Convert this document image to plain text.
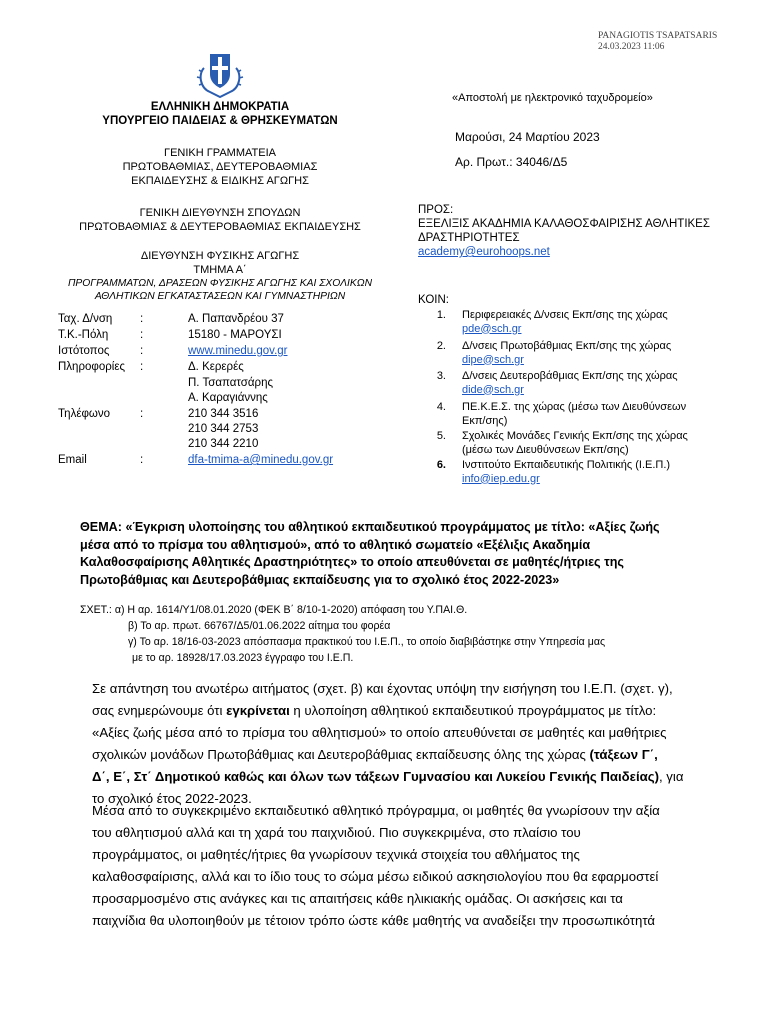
PANAGIOTIS TSAPATSARIS
24.03.2023 11:06
ΕΛΛΗΝΙΚΗ ΔΗΜΟΚΡΑΤΙΑ
ΥΠΟΥΡΓΕΙΟ ΠΑΙΔΕΙΑΣ & ΘΡΗΣΚΕΥΜΑΤΩΝ
ΓΕΝΙΚΗ ΓΡΑΜΜΑΤΕΙΑ
ΠΡΩΤΟΒΑΘΜΙΑΣ, ΔΕΥΤΕΡΟΒΑΘΜΙΑΣ
ΕΚΠΑΙΔΕΥΣΗΣ & ΕΙΔΙΚΗΣ ΑΓΩΓΗΣ
ΓΕΝΙΚΗ ΔΙΕΥΘΥΝΣΗ ΣΠΟΥΔΩΝ
ΠΡΩΤΟΒΑΘΜΙΑΣ & ΔΕΥΤΕΡΟΒΑΘΜΙΑΣ ΕΚΠΑΙΔΕΥΣΗΣ
ΔΙΕΥΘΥΝΣΗ ΦΥΣΙΚΗΣ ΑΓΩΓΗΣ
ΤΜΗΜΑ Α΄
ΠΡΟΓΡΑΜΜΑΤΩΝ, ΔΡΑΣΕΩΝ ΦΥΣΙΚΗΣ ΑΓΩΓΗΣ ΚΑΙ ΣΧΟΛΙΚΩΝ
ΑΘΛΗΤΙΚΩΝ ΕΓΚΑΤΑΣΤΑΣΕΩΝ ΚΑΙ ΓΥΜΝΑΣΤΗΡΙΩΝ
Ταχ. Δ/νση	:	Α. Παπανδρέου 37
Τ.Κ.-Πόλη	:	15180 - ΜΑΡΟΥΣΙ
Ιστότοπος	:	www.minedu.gov.gr
Πληροφορίες	:	Δ. Κερερές
Π. Τσαπατσάρης
Α. Καραγιάννης
Τηλέφωνο	:	210 344 3516
210 344 2753
210 344 2210
Email	:	dfa-tmima-a@minedu.gov.gr
«Αποστολή με ηλεκτρονικό ταχυδρομείο»
Μαρούσι, 24 Μαρτίου 2023
Αρ. Πρωτ.: 34046/Δ5
ΠΡΟΣ:
ΕΞΕΛΙΞΙΣ ΑΚΑΔΗΜΙΑ ΚΑΛΑΘΟΣΦΑΙΡΙΣΗΣ ΑΘΛΗΤΙΚΕΣ
ΔΡΑΣΤΗΡΙΟΤΗΤΕΣ
academy@eurohoops.net
ΚΟΙΝ:
1. Περιφερειακές Δ/νσεις Εκπ/σης της χώρας
pde@sch.gr
2. Δ/νσεις Πρωτοβάθμιας Εκπ/σης της χώρας
dipe@sch.gr
3. Δ/νσεις Δευτεροβάθμιας Εκπ/σης της χώρας
dide@sch.gr
4. ΠΕ.Κ.Ε.Σ. της χώρας (μέσω των Διευθύνσεων
Εκπ/σης)
5. Σχολικές Μονάδες Γενικής Εκπ/σης της χώρας
(μέσω των Διευθύνσεων Εκπ/σης)
6. Ινστιτούτο Εκπαιδευτικής Πολιτικής (Ι.Ε.Π.)
info@iep.edu.gr
ΘΕΜΑ: «Έγκριση υλοποίησης του αθλητικού εκπαιδευτικού προγράμματος με τίτλο: «Αξίες ζωής
μέσα από το πρίσμα του αθλητισμού», από το αθλητικό σωματείο «Εξέλιξις Ακαδημία
Καλαθοσφαίρισης Αθλητικές Δραστηριότητες» το οποίο απευθύνεται σε μαθητές/ήτριες της
Πρωτοβάθμιας και Δευτεροβάθμιας εκπαίδευσης για το σχολικό έτος 2022-2023»
ΣΧΕΤ.: α) Η αρ. 1614/Υ1/08.01.2020 (ΦΕΚ Β΄ 8/10-1-2020) απόφαση του Υ.ΠΑΙ.Θ.
β) Το αρ. πρωτ. 66767/Δ5/01.06.2022 αίτημα του φορέα
γ) Το αρ. 18/16-03-2023 απόσπασμα πρακτικού του Ι.Ε.Π., το οποίο διαβιβάστηκε στην Υπηρεσία μας
με το αρ. 18928/17.03.2023 έγγραφο του Ι.Ε.Π.
Σε απάντηση του ανωτέρω αιτήματος (σχετ. β) και έχοντας υπόψη την εισήγηση του Ι.Ε.Π. (σχετ. γ),
σας ενημερώνουμε ότι εγκρίνεται η υλοποίηση αθλητικού εκπαιδευτικού προγράμματος με τίτλο:
«Αξίες ζωής μέσα από το πρίσμα του αθλητισμού» το οποίο απευθύνεται σε μαθητές και μαθήτριες
σχολικών μονάδων Πρωτοβάθμιας και Δευτεροβάθμιας εκπαίδευσης όλης της χώρας (τάξεων Γ΄,
Δ΄, Ε΄, Στ΄ Δημοτικού καθώς και όλων των τάξεων Γυμνασίου και Λυκείου Γενικής Παιδείας), για
το σχολικό έτος 2022-2023.
Μέσα από το συγκεκριμένο εκπαιδευτικό αθλητικό πρόγραμμα, οι μαθητές θα γνωρίσουν την αξία
του αθλητισμού αλλά και τη χαρά του παιχνιδιού. Πιο συγκεκριμένα, στο πλαίσιο του
προγράμματος, οι μαθητές/ήτριες θα γνωρίσουν τεχνικά στοιχεία του αθλήματος της
καλαθοσφαίρισης, αλλά και το ίδιο τους το σώμα μέσω ειδικού ασκησιολογίου που θα εφαρμοστεί
προσαρμοσμένο στις ανάγκες και τις απαιτήσεις κάθε ηλικιακής ομάδας. Οι ασκήσεις και τα
παιχνίδια θα υλοποιηθούν με τέτοιον τρόπο ώστε κάθε μαθητής να αναδείξει την προσωπικότητά
